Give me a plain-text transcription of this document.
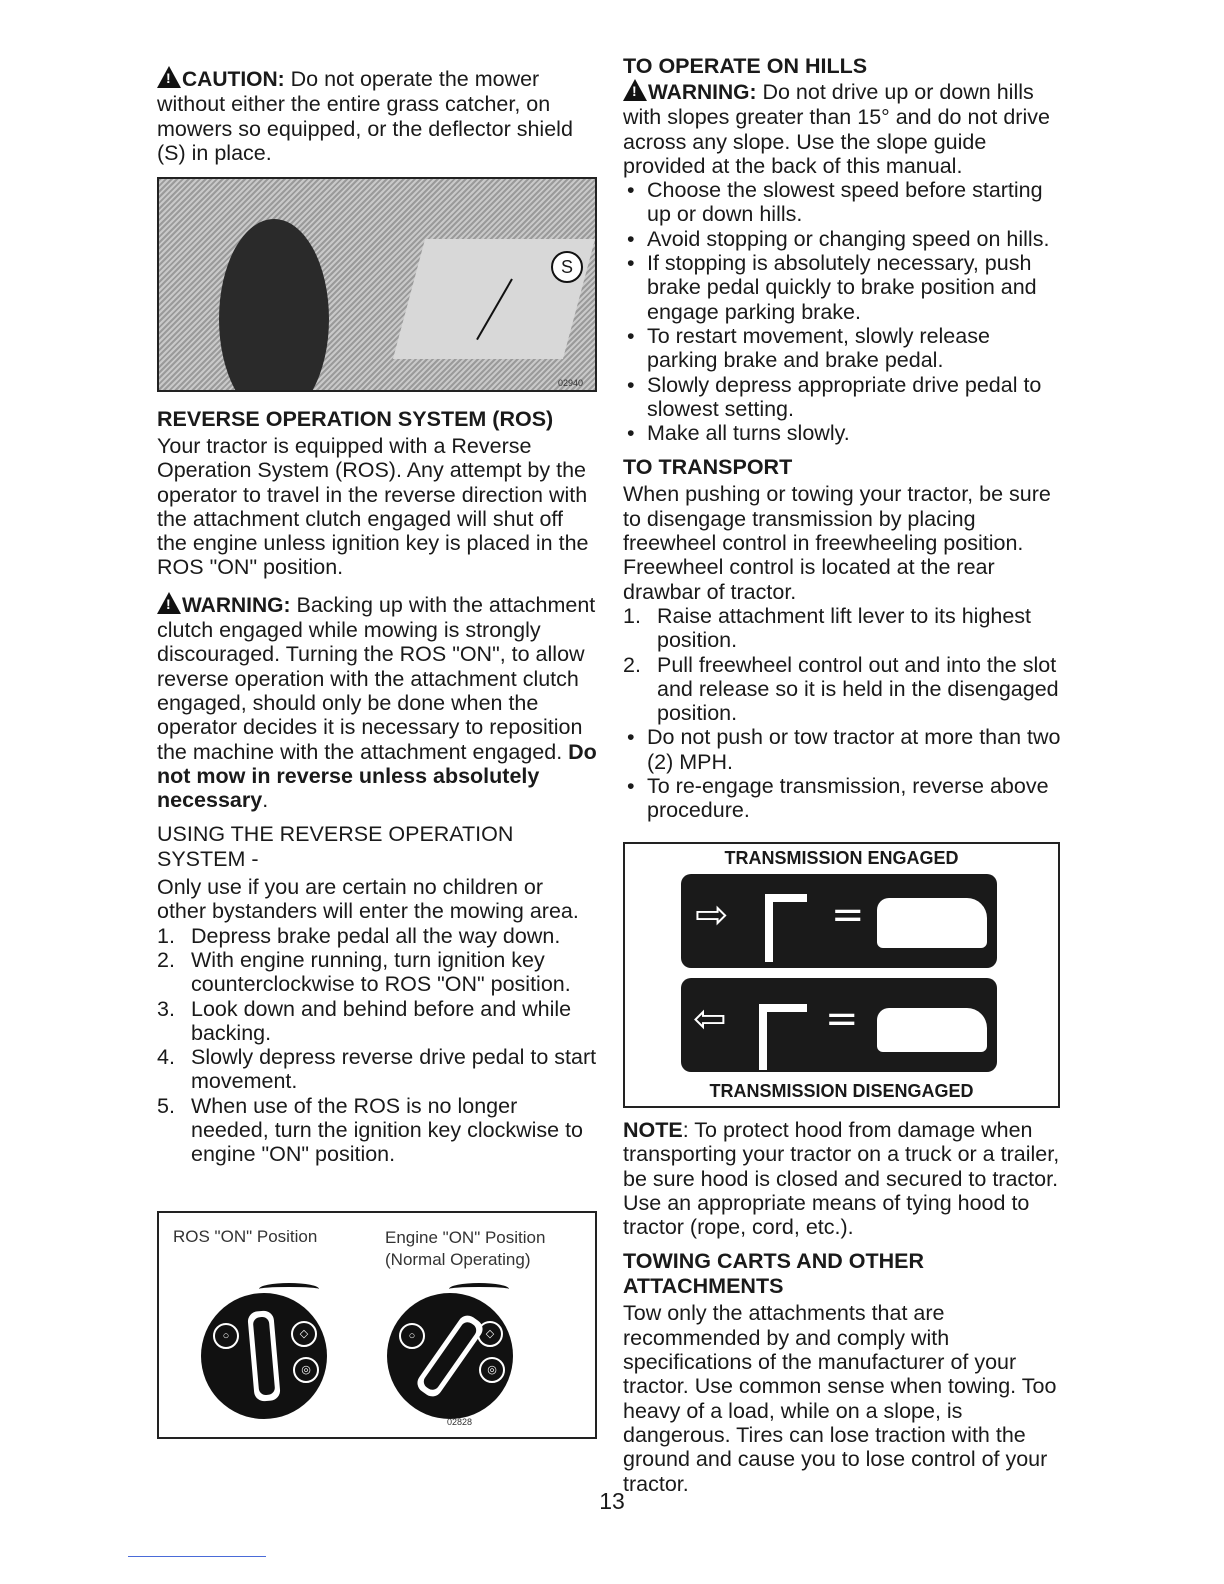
!CAUTION: Do not operate the mower without either the entire grass catcher, on mowers so equipped, or the deflector shield (S) in place.

S
02940

REVERSE OPERATION SYSTEM (ROS)

Your tractor is equipped with a Reverse Operation System (ROS). Any attempt by the operator to travel in the reverse direction with the attachment clutch engaged will shut off the engine unless ignition key is placed in the ROS "ON" position.

!WARNING: Backing up with the attachment clutch engaged while mowing is strongly discouraged. Turning the ROS "ON", to allow reverse operation with the attachment clutch engaged, should only be done when the operator decides it is necessary to reposition the machine with the attachment engaged. Do not mow in reverse unless absolutely necessary.

USING THE REVERSE OPERATION SYSTEM -

Only use if you are certain no children or other bystanders will enter the mowing area.

1. Depress brake pedal all the way down.
2. With engine running, turn ignition key counterclockwise to ROS "ON" position.
3. Look down and behind before and while backing.
4. Slowly depress reverse drive pedal to start movement.
5. When use of the ROS is no longer needed, turn the ignition key clockwise to engine "ON" position.
ROS "ON" Position	Engine "ON" Position (Normal Operating)
○	◇
◎
○	◇
◎
02828

TO OPERATE ON HILLS

!WARNING: Do not drive up or down hills with slopes greater than 15° and do not drive across any slope. Use the slope guide provided at the back of this manual.

• Choose the slowest speed before starting up or down hills.
• Avoid stopping or changing speed on hills.
• If stopping is absolutely necessary, push brake pedal quickly to brake position and engage parking brake.
• To restart movement, slowly release parking brake and brake pedal.
• Slowly depress appropriate drive pedal to slowest setting.
• Make all turns slowly.

TO TRANSPORT

When pushing or towing your tractor, be sure to disengage transmission by placing freewheel control in freewheeling position. Freewheel control is located at the rear drawbar of tractor.

1. Raise attachment lift lever to its highest position.
2. Pull freewheel control out and into the slot and release so it is held in the disengaged position.
• Do not push or tow tractor at more than two (2) MPH.
• To re-engage transmission, reverse above procedure.
TRANSMISSION ENGAGED
⇨	=
⇦ =
TRANSMISSION DISENGAGED

NOTE: To protect hood from damage when transporting your tractor on a truck or a trailer, be sure hood is closed and secured to tractor. Use an appropriate means of tying hood to tractor (rope, cord, etc.).

TOWING CARTS AND OTHER ATTACHMENTS

Tow only the attachments that are recommended by and comply with specifications of the manufacturer of your tractor. Use common sense when towing. Too heavy of a load, while on a slope, is dangerous. Tires can lose traction with the ground and cause you to lose control of your tractor.

13
